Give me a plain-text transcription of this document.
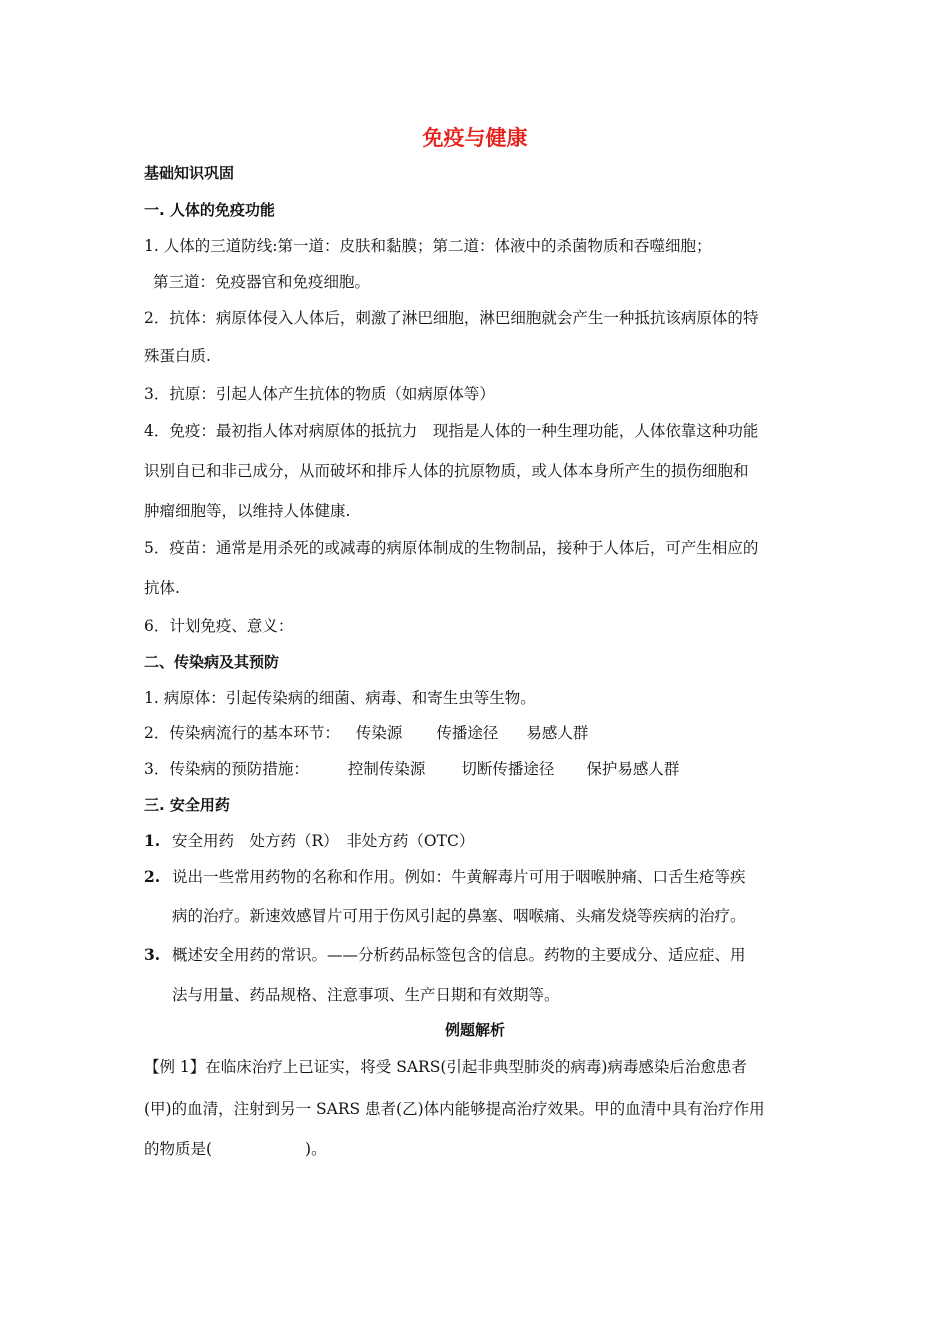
免疫与健康
基础知识巩固
一. 人体的免疫功能
1. 人体的三道防线:第一道：皮肤和黏膜；第二道：体液中的杀菌物质和吞噬细胞；
第三道：免疫器官和免疫细胞。
2．抗体：病原体侵入人体后，刺激了淋巴细胞，淋巴细胞就会产生一种抵抗该病原体的特
殊蛋白质.
3．抗原：引起人体产生抗体的物质（如病原体等）
4．免疫：最初指人体对病原体的抵抗力　现指是人体的一种生理功能，人体依靠这种功能
识别自已和非己成分，从而破坏和排斥人体的抗原物质，或人体本身所产生的损伤细胞和
肿瘤细胞等，以维持人体健康.
5．疫苗：通常是用杀死的或减毒的病原体制成的生物制品，接种于人体后，可产生相应的
抗体.
6．计划免疫、意义：
二、传染病及其预防
1. 病原体：引起传染病的细菌、病毒、和寄生虫等生物。
2．传染病流行的基本环节： 传染源 传播途径 易感人群
3．传染病的预防措施：	控制传染源 切断传播途径 保护易感人群
三. 安全用药
1. 安全用药　处方药（R）　非处方药（OTC）
2. 说出一些常用药物的名称和作用。例如：牛黄解毒片可用于咽喉肿痛、口舌生疮等疾
病的治疗。新速效感冒片可用于伤风引起的鼻塞、咽喉痛、头痛发烧等疾病的治疗。
3. 概述安全用药的常识。——分析药品标签包含的信息。药物的主要成分、适应症、用
法与用量、药品规格、注意事项、生产日期和有效期等。
例题解析
【例 1】在临床治疗上已证实，将受 SARS(引起非典型肺炎的病毒)病毒感染后治愈患者
(甲)的血清，注射到另一 SARS 患者(乙)体内能够提高治疗效果。甲的血清中具有治疗作用
的物质是(　　　　　　)。
